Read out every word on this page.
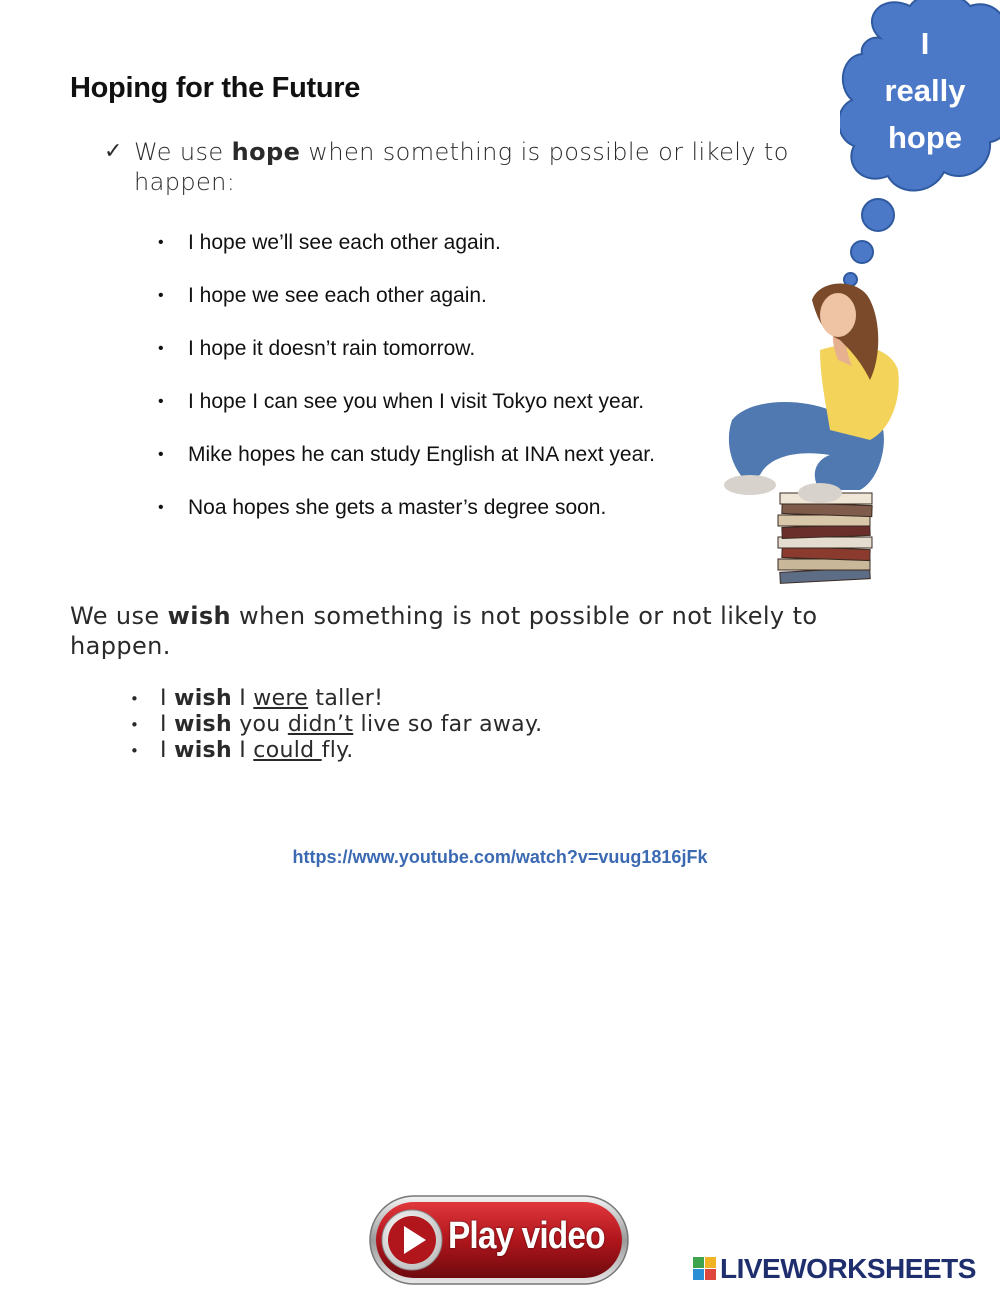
Hoping for the Future
I
really
hope
✓ We use hope when something is possible or likely to happen:
• I hope we’ll see each other again.
• I hope we see each other again.
• I hope it doesn’t rain tomorrow.
• I hope I can see you when I visit Tokyo next year.
• Mike hopes he can study English at INA next year.
• Noa hopes she gets a master’s degree soon.
We use wish when something is not possible or not likely to happen.
• I wish I were taller!
• I wish you didn’t live so far away.
• I wish I could fly.
https://www.youtube.com/watch?v=vuug1816jFk
Play video
LIVEWORKSHEETS
